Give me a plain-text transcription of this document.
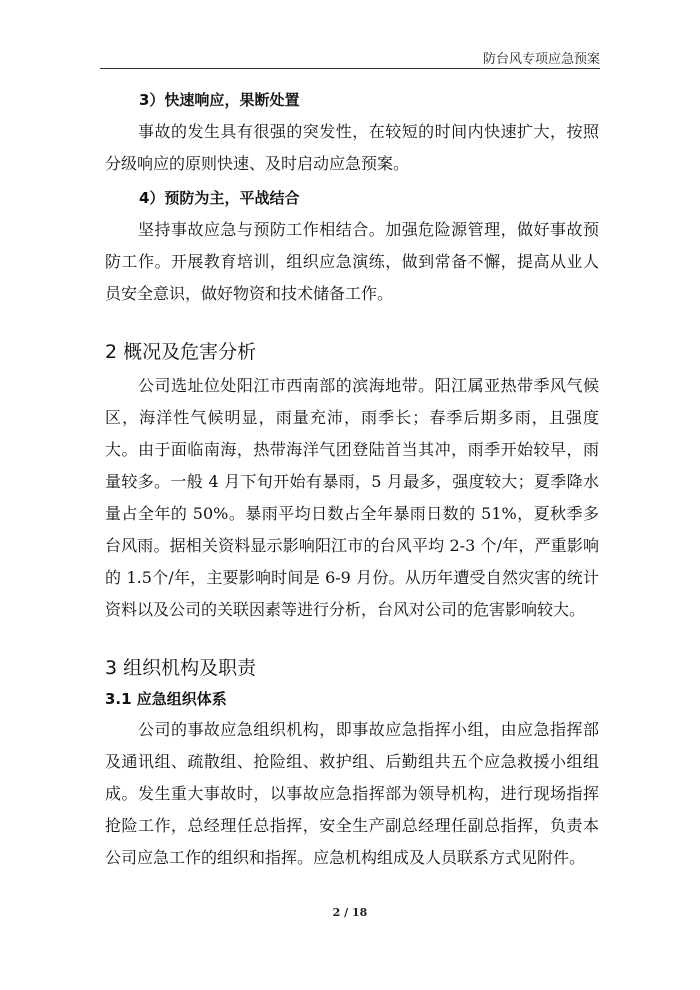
防台风专项应急预案
3）快速响应，果断处置

事故的发生具有很强的突发性，在较短的时间内快速扩大，按照分级响应的原则快速、及时启动应急预案。

4）预防为主，平战结合

坚持事故应急与预防工作相结合。加强危险源管理，做好事故预防工作。开展教育培训，组织应急演练，做到常备不懈，提高从业人员安全意识，做好物资和技术储备工作。

2 概况及危害分析

公司选址位处阳江市西南部的滨海地带。阳江属亚热带季风气候区，海洋性气候明显，雨量充沛，雨季长；春季后期多雨，且强度大。由于面临南海，热带海洋气团登陆首当其冲，雨季开始较早，雨量较多。一般 4 月下旬开始有暴雨，5 月最多，强度较大；夏季降水量占全年的 50%。暴雨平均日数占全年暴雨日数的 51%，夏秋季多台风雨。据相关资料显示影响阳江市的台风平均 2-3 个/年，严重影响的 1.5个/年，主要影响时间是 6-9 月份。从历年遭受自然灾害的统计资料以及公司的关联因素等进行分析，台风对公司的危害影响较大。

3 组织机构及职责
3.1 应急组织体系

公司的事故应急组织机构，即事故应急指挥小组，由应急指挥部及通讯组、疏散组、抢险组、救护组、后勤组共五个应急救援小组组成。发生重大事故时，以事故应急指挥部为领导机构，进行现场指挥抢险工作，总经理任总指挥，安全生产副总经理任副总指挥，负责本公司应急工作的组织和指挥。应急机构组成及人员联系方式见附件。

2 / 18
